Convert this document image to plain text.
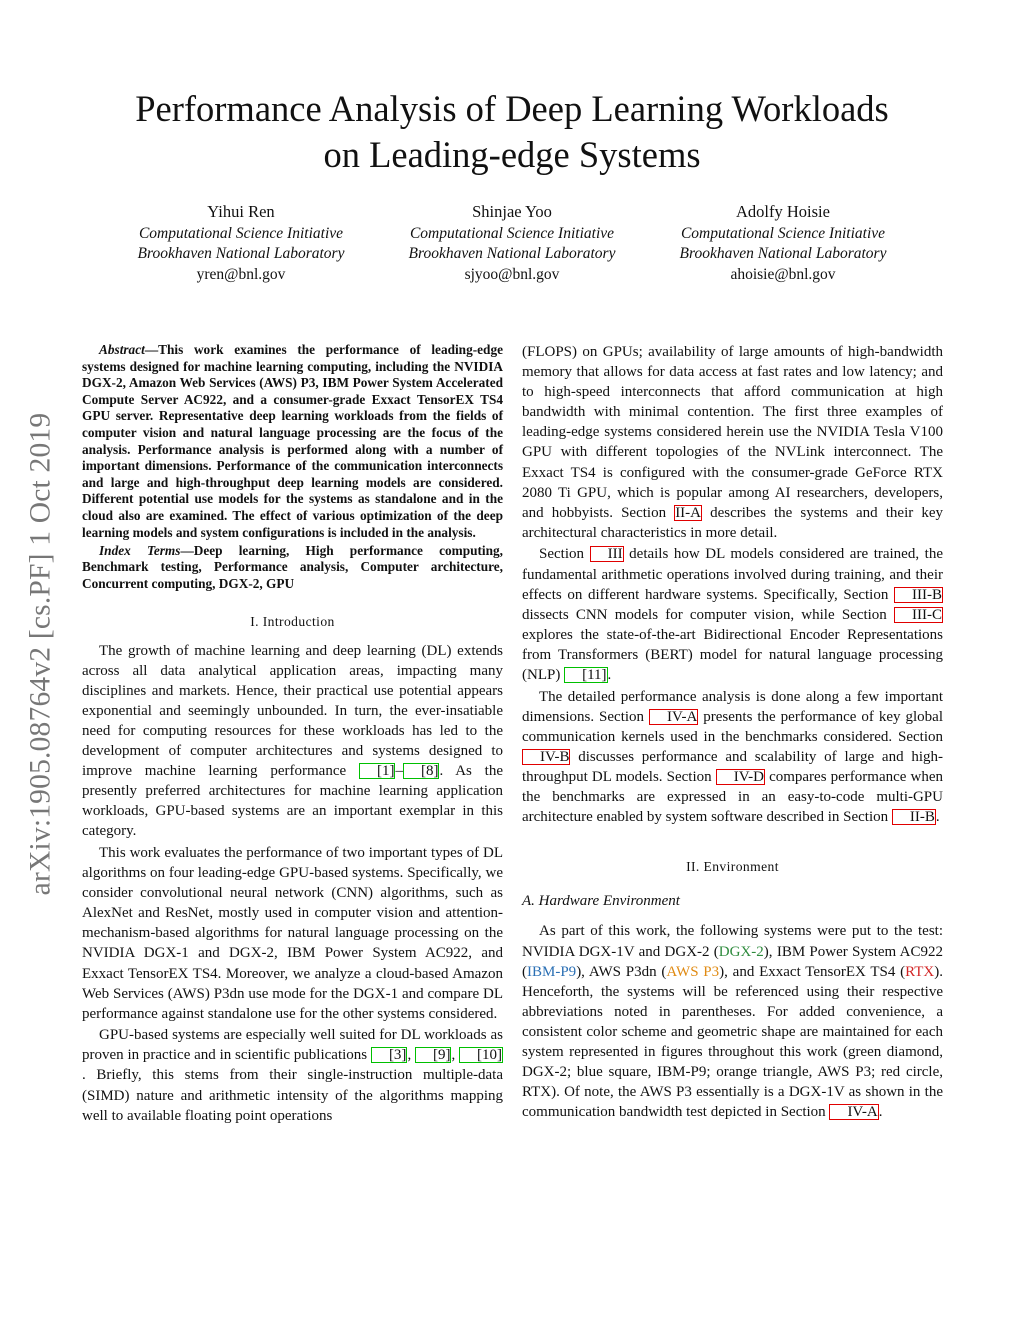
Performance Analysis of Deep Learning Workloads
on Leading-edge Systems
Yihui Ren
Computational Science Initiative
Brookhaven National Laboratory
yren@bnl.gov
Shinjae Yoo
Computational Science Initiative
Brookhaven National Laboratory
sjyoo@bnl.gov
Adolfy Hoisie
Computational Science Initiative
Brookhaven National Laboratory
ahoisie@bnl.gov
arXiv:1905.08764v2 [cs.PF] 1 Oct 2019

Abstract—This work examines the performance of leading-edge systems designed for machine learning computing, including the NVIDIA DGX-2, Amazon Web Services (AWS) P3, IBM Power System Accelerated Compute Server AC922, and a consumer-grade Exxact TensorEX TS4 GPU server. Representative deep learning workloads from the fields of computer vision and natural language processing are the focus of the analysis. Performance analysis is performed along with a number of important dimensions. Performance of the communication interconnects and large and high-throughput deep learning models are considered. Different potential use models for the systems as standalone and in the cloud also are examined. The effect of various optimization of the deep learning models and system configurations is included in the analysis.

Index Terms—Deep learning, High performance computing, Benchmark testing, Performance analysis, Computer architecture, Concurrent computing, DGX-2, GPU

I. Introduction

The growth of machine learning and deep learning (DL) extends across all data analytical application areas, impacting many disciplines and markets. Hence, their practical use potential appears exponential and seemingly unbounded. In turn, the ever-insatiable need for computing resources for these workloads has led to the development of computer architectures and systems designed to improve machine learning performance [1]– [8]. As the presently preferred architectures for machine learning application workloads, GPU-based systems are an important exemplar in this category.

This work evaluates the performance of two important types of DL algorithms on four leading-edge GPU-based systems. Specifically, we consider convolutional neural network (CNN) algorithms, such as AlexNet and ResNet, mostly used in computer vision and attention-mechanism-based algorithms for natural language processing on the NVIDIA DGX-1 and DGX-2, IBM Power System AC922, and Exxact TensorEX TS4. Moreover, we analyze a cloud-based Amazon Web Services (AWS) P3dn use mode for the DGX-1 and compare DL performance against standalone use for the other systems considered.

GPU-based systems are especially well suited for DL workloads as proven in practice and in scientific publications [3], [9], [10]. Briefly, this stems from their single-instruction multiple-data (SIMD) nature and arithmetic intensity of the algorithms mapping well to available floating point operations

(FLOPS) on GPUs; availability of large amounts of high-bandwidth memory that allows for data access at fast rates and low latency; and to high-speed interconnects that afford communication at high bandwidth with minimal contention. The first three examples of leading-edge systems considered herein use the NVIDIA Tesla V100 GPU with different topologies of the NVLink interconnect. The Exxact TS4 is configured with the consumer-grade GeForce RTX 2080 Ti GPU, which is popular among AI researchers, developers, and hobbyists. Section II-A describes the systems and their key architectural characteristics in more detail.

Section III details how DL models considered are trained, the fundamental arithmetic operations involved during training, and their effects on different hardware systems. Specifically, Section III-B dissects CNN models for computer vision, while Section III-C explores the state-of-the-art Bidirectional Encoder Representations from Transformers (BERT) model for natural language processing (NLP) [11].

The detailed performance analysis is done along a few important dimensions. Section IV-A presents the performance of key global communication kernels used in the benchmarks considered. Section IV-B discusses performance and scalability of large and high-throughput DL models. Section IV-D compares performance when the benchmarks are expressed in an easy-to-code multi-GPU architecture enabled by system software described in Section II-B.

II. Environment
A. Hardware Environment

As part of this work, the following systems were put to the test: NVIDIA DGX-1V and DGX-2 (DGX-2), IBM Power System AC922 (IBM-P9), AWS P3dn (AWS P3), and Exxact TensorEX TS4 (RTX). Henceforth, the systems will be referenced using their respective abbreviations noted in parentheses. For added convenience, a consistent color scheme and geometric shape are maintained for each system represented in figures throughout this work (green diamond, DGX-2; blue square, IBM-P9; orange triangle, AWS P3; red circle, RTX). Of note, the AWS P3 essentially is a DGX-1V as shown in the communication bandwidth test depicted in Section IV-A.
